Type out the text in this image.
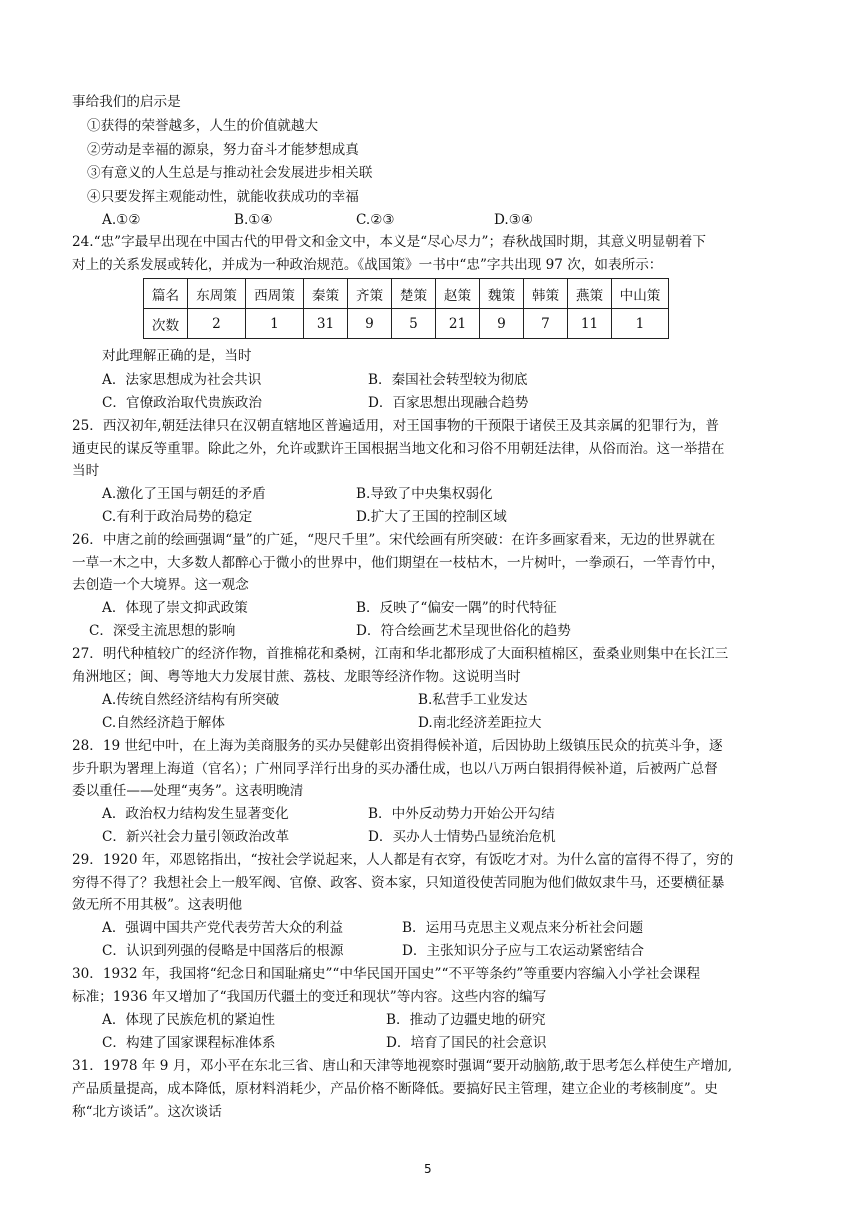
事给我们的启示是
①获得的荣誉越多，人生的价值就越大
②劳动是幸福的源泉，努力奋斗才能梦想成真
③有意义的人生总是与推动社会发展进步相关联
④只要发挥主观能动性，就能收获成功的幸福
A.①②	B.①④	C.②③	D.③④
24.“忠”字最早出现在中国古代的甲骨文和金文中，本义是“尽心尽力”；春秋战国时期，其意义明显朝着下
对上的关系发展或转化，并成为一种政治规范。《战国策》一书中“忠”字共出现 97 次，如表所示：
篇名	东周策	西周策	秦策	齐策	楚策	赵策	魏策	韩策	燕策	中山策
次数	2	1	31	9	5	21	9	7	11	1
对此理解正确的是，当时
A．法家思想成为社会共识	B．秦国社会转型较为彻底
C．官僚政治取代贵族政治	D．百家思想出现融合趋势
25．西汉初年,朝廷法律只在汉朝直辖地区普遍适用，对王国事物的干预限于诸侯王及其亲属的犯罪行为，普
通吏民的谋反等重罪。除此之外，允许或默许王国根据当地文化和习俗不用朝廷法律，从俗而治。这一举措在
当时
A.激化了王国与朝廷的矛盾	B.导致了中央集权弱化
C.有利于政治局势的稳定	D.扩大了王国的控制区域
26．中唐之前的绘画强调“量”的广延，“咫尺千里”。宋代绘画有所突破：在许多画家看来，无边的世界就在
一草一木之中，大多数人都醉心于微小的世界中，他们期望在一枝枯木，一片树叶，一拳顽石，一竿青竹中，
去创造一个大境界。这一观念
A．体现了崇文抑武政策	B．反映了“偏安一隅”的时代特征
C．深受主流思想的影响	D．符合绘画艺术呈现世俗化的趋势
27．明代种植较广的经济作物，首推棉花和桑树，江南和华北都形成了大面积植棉区，蚕桑业则集中在长江三
角洲地区；闽、粤等地大力发展甘蔗、荔枝、龙眼等经济作物。这说明当时
A.传统自然经济结构有所突破	B.私营手工业发达
C.自然经济趋于解体	D.南北经济差距拉大
28．19 世纪中叶，在上海为美商服务的买办吴健彰出资捐得候补道，后因协助上级镇压民众的抗英斗争，逐
步升职为署理上海道（官名）；广州同孚洋行出身的买办潘仕成，也以八万两白银捐得候补道，后被两广总督
委以重任——处理“夷务”。这表明晚清
A．政治权力结构发生显著变化	B．中外反动势力开始公开勾结
C．新兴社会力量引领政治改革	D．买办人士情势凸显统治危机
29．1920 年，邓恩铭指出，“按社会学说起来，人人都是有衣穿，有饭吃才对。为什么富的富得不得了，穷的
穷得不得了？我想社会上一般军阀、官僚、政客、资本家，只知道役使苦同胞为他们做奴隶牛马，还要横征暴
敛无所不用其极”。这表明他
A．强调中国共产党代表劳苦大众的利益	B．运用马克思主义观点来分析社会问题
C．认识到列强的侵略是中国落后的根源	D．主张知识分子应与工农运动紧密结合
30．1932 年，我国将“纪念日和国耻痛史”“中华民国开国史”“不平等条约”等重要内容编入小学社会课程
标准；1936 年又增加了“我国历代疆土的变迁和现状”等内容。这些内容的编写
A．体现了民族危机的紧迫性	B．推动了边疆史地的研究
C．构建了国家课程标准体系	D．培育了国民的社会意识
31．1978 年 9 月，邓小平在东北三省、唐山和天津等地视察时强调“要开动脑筋,敢于思考怎么样使生产增加,
产品质量提高，成本降低，原材料消耗少，产品价格不断降低。要搞好民主管理，建立企业的考核制度”。史
称“北方谈话”。这次谈话
5
